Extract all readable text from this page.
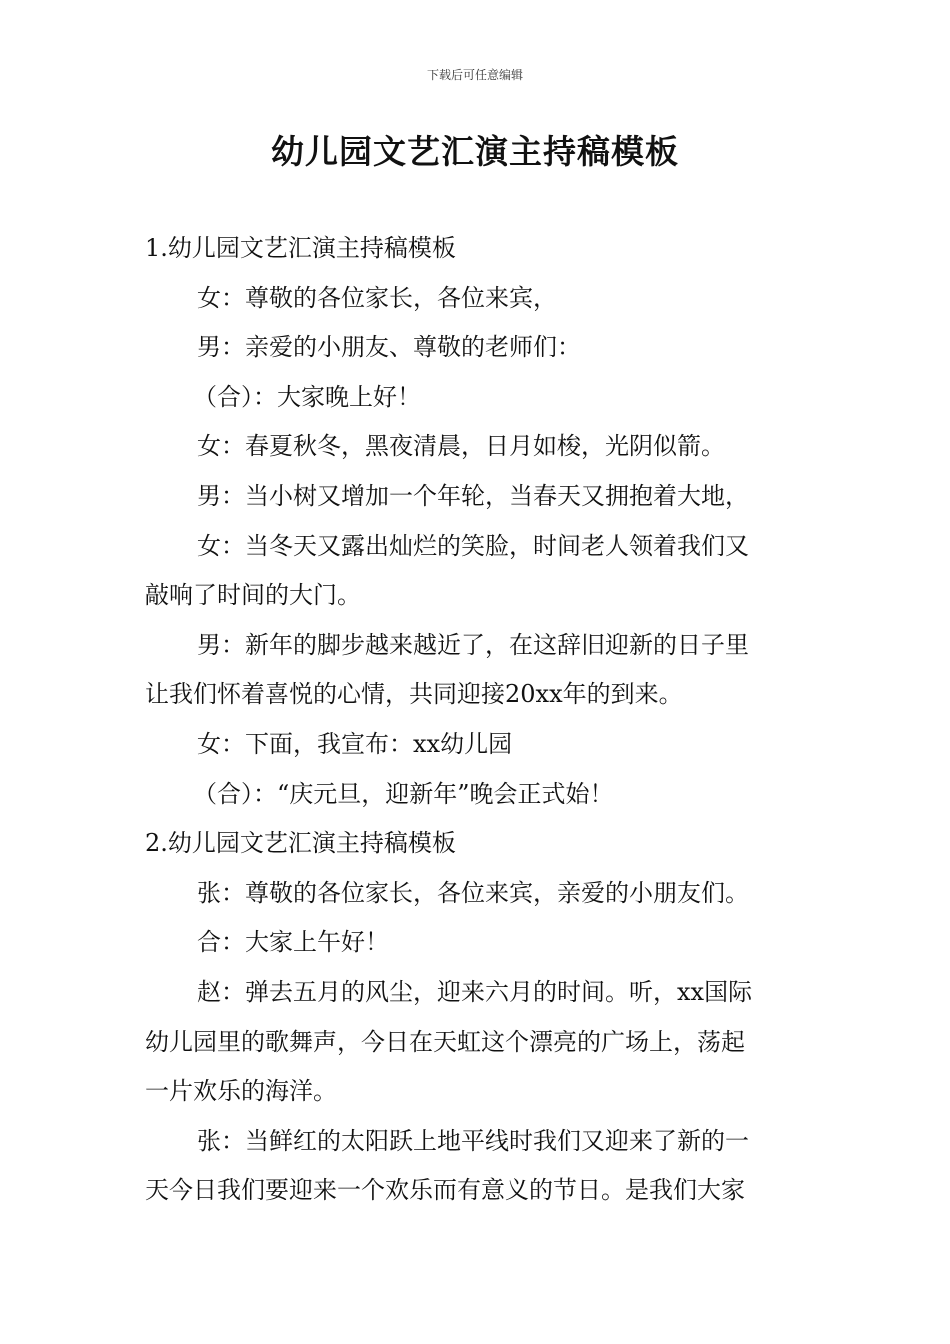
下载后可任意编辑
幼儿园文艺汇演主持稿模板

1.幼儿园文艺汇演主持稿模板

女：尊敬的各位家长，各位来宾，

男：亲爱的小朋友、尊敬的老师们：

（合）：大家晚上好！

女：春夏秋冬，黑夜清晨，日月如梭，光阴似箭。

男：当小树又增加一个年轮，当春天又拥抱着大地，

女：当冬天又露出灿烂的笑脸，时间老人领着我们又

敲响了时间的大门。

男：新年的脚步越来越近了，在这辞旧迎新的日子里

让我们怀着喜悦的心情，共同迎接20xx年的到来。

女：下面，我宣布：xx幼儿园

（合）：“庆元旦，迎新年”晚会正式始！

2.幼儿园文艺汇演主持稿模板

张：尊敬的各位家长，各位来宾，亲爱的小朋友们。

合：大家上午好！

赵：弹去五月的风尘，迎来六月的时间。听，xx国际

幼儿园里的歌舞声，今日在天虹这个漂亮的广场上，荡起

一片欢乐的海洋。

张：当鲜红的太阳跃上地平线时我们又迎来了新的一

天今日我们要迎来一个欢乐而有意义的节日。是我们大家
